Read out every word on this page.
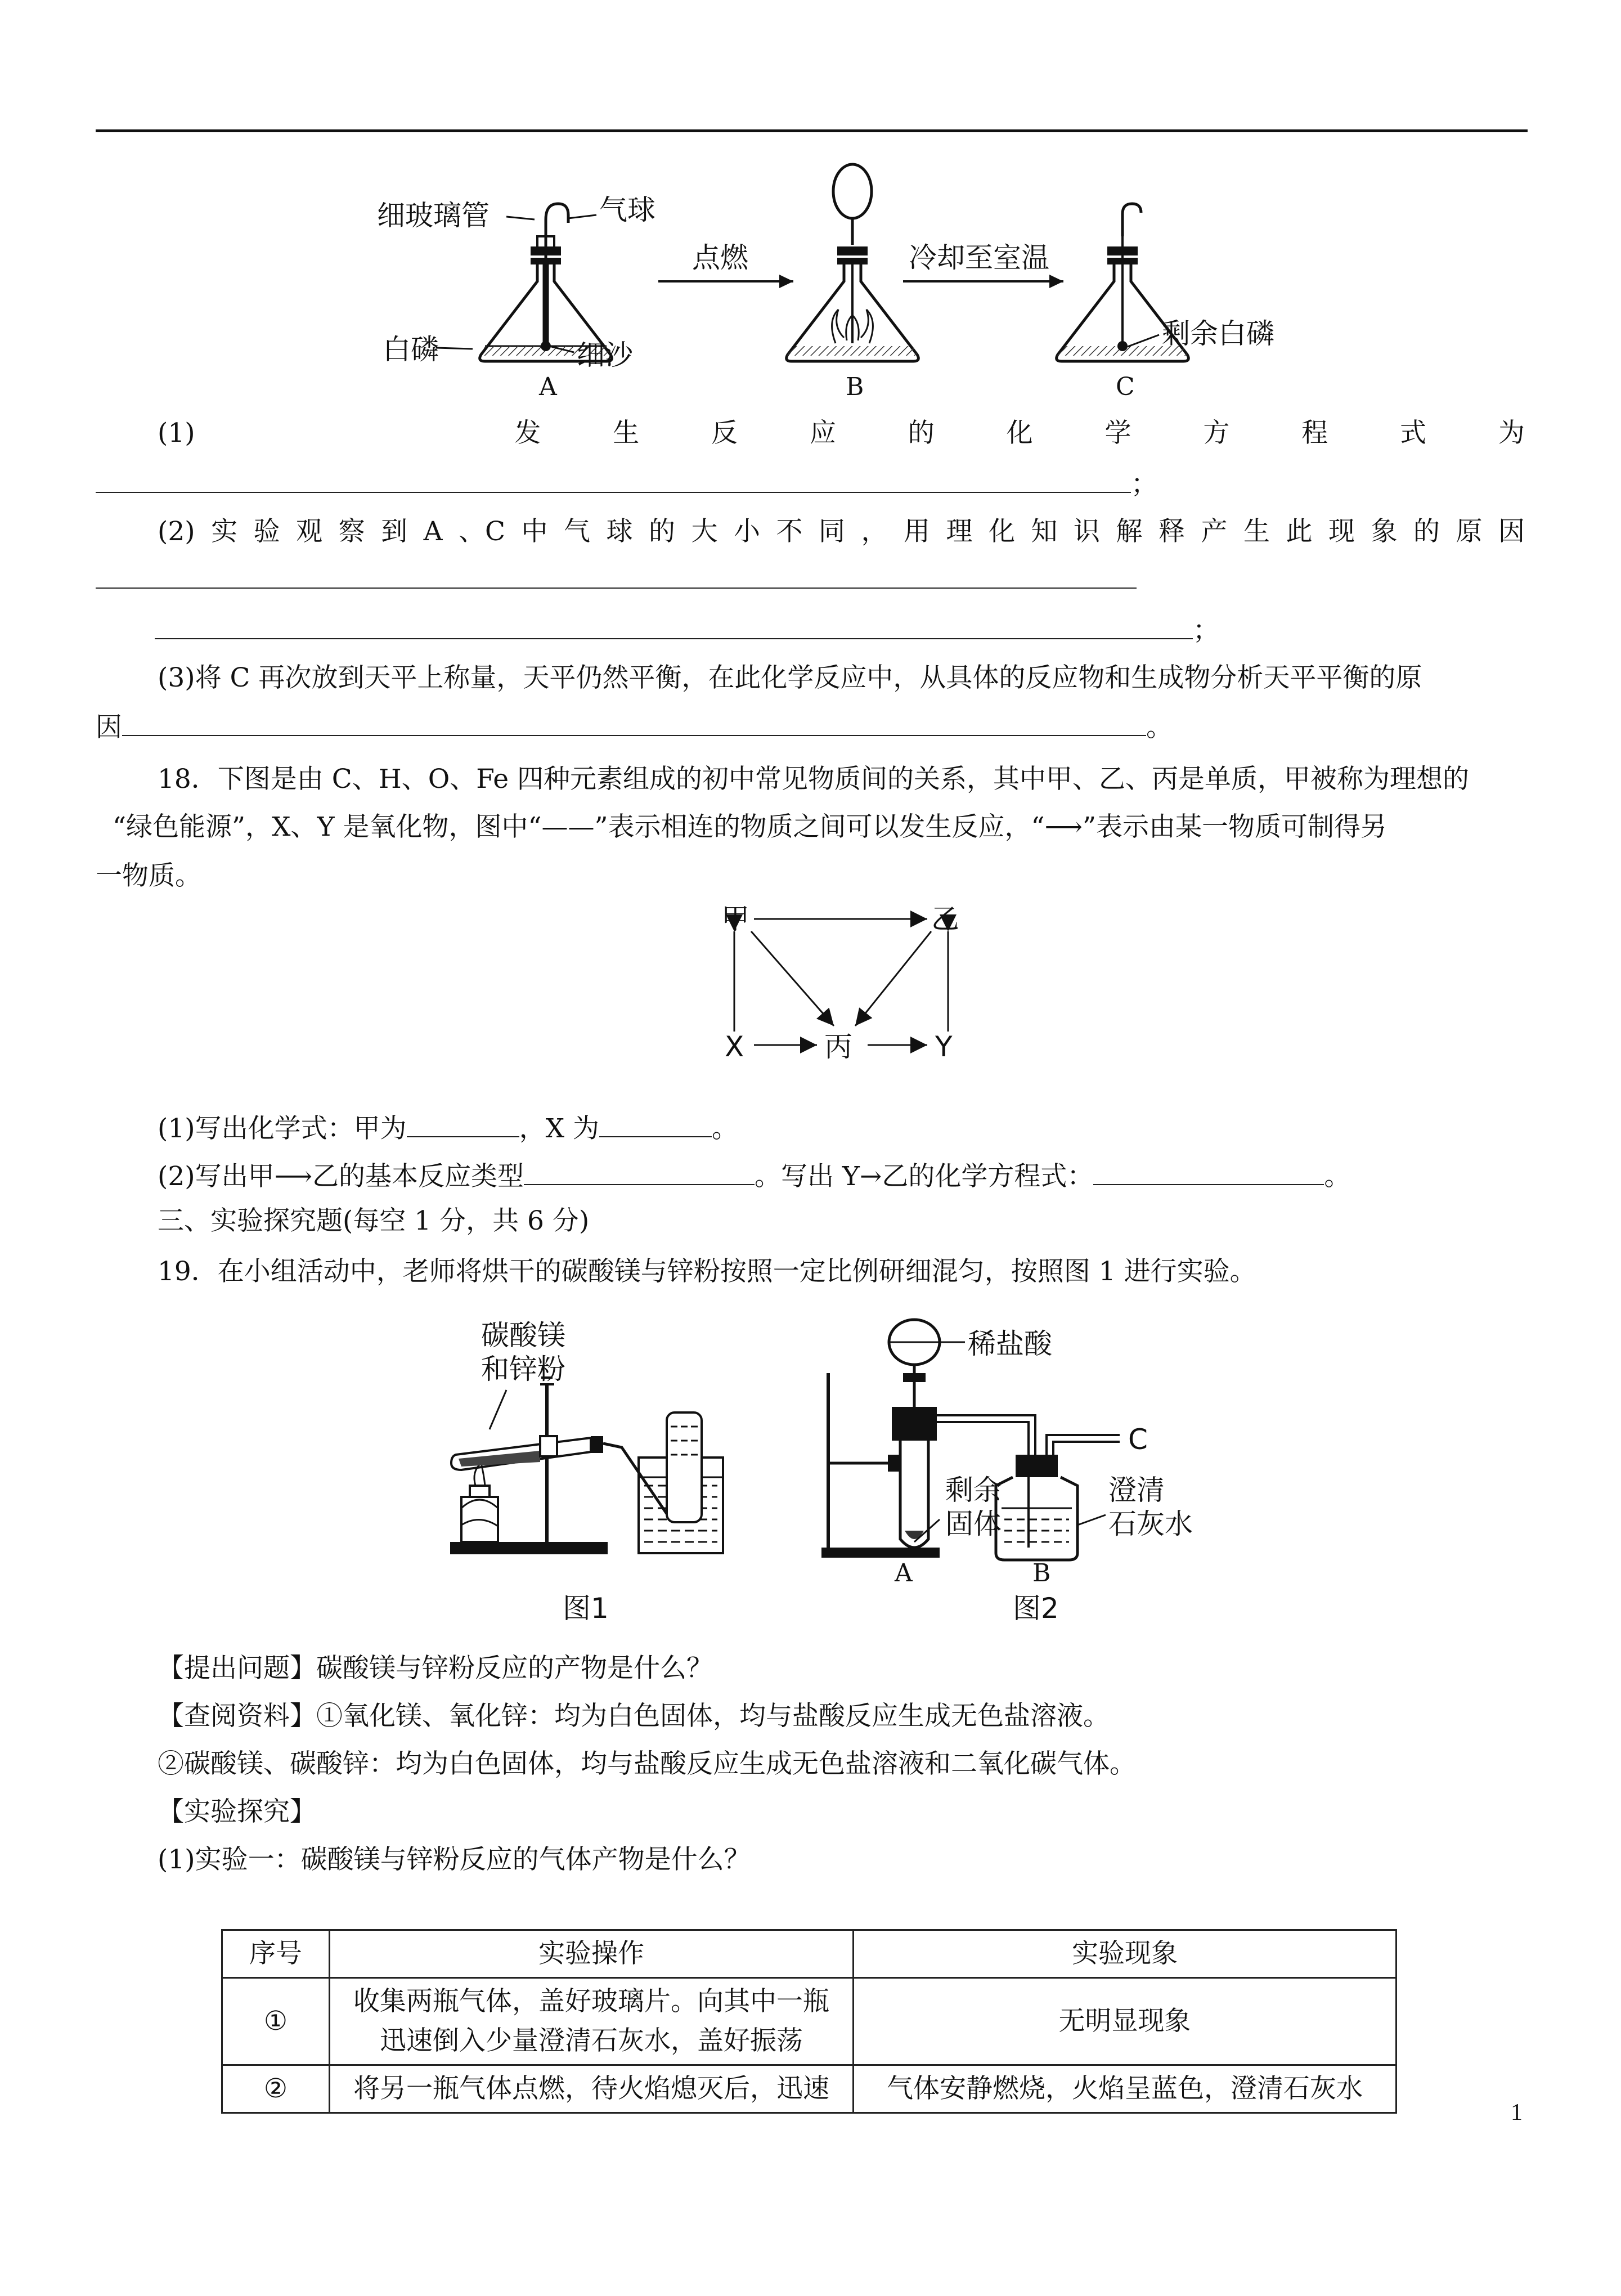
细玻璃管	气球
点燃	冷却至室温
白磷	细沙
剩余白磷
A	B	C
(1)	发	生	反	应	的	化	学	方	程	式	为
；
(2) 实 验 观 察 到 A 、C 中 气 球 的 大 小 不 同 ， 用 理 化 知 识 解 释 产 生 此 现 象 的 原 因
；
(3)将 C 再次放到天平上称量，天平仍然平衡，在此化学反应中，从具体的反应物和生成物分析天平平衡的原
因	。
18．下图是由 C、H、O、Fe 四种元素组成的初中常见物质间的关系，其中甲、乙、丙是单质，甲被称为理想的
“绿色能源”，X、Y 是氧化物，图中“——”表示相连的物质之间可以发生反应，“⟶”表示由某一物质可制得另
一物质。
甲	乙
丙
X	Y
(1)写出化学式：甲为	，X 为	。
(2)写出甲⟶乙的基本反应类型	。写出 Y→乙的化学方程式：	。
三、实验探究题(每空 1 分，共 6 分)
19．在小组活动中，老师将烘干的碳酸镁与锌粉按照一定比例研细混匀，按照图 1 进行实验。
碳酸镁
和锌粉
稀盐酸
C
剩余
固体
澄清
石灰水
A	B
图1	图2
【提出问题】碳酸镁与锌粉反应的产物是什么？
【查阅资料】①氧化镁、氧化锌：均为白色固体，均与盐酸反应生成无色盐溶液。
②碳酸镁、碳酸锌：均为白色固体，均与盐酸反应生成无色盐溶液和二氧化碳气体。
【实验探究】
(1)实验一：碳酸镁与锌粉反应的气体产物是什么？
序号	实验操作	实验现象
①	收集两瓶气体，盖好玻璃片。向其中一瓶
迅速倒入少量澄清石灰水，盖好振荡	无明显现象
②	将另一瓶气体点燃，待火焰熄灭后，迅速	气体安静燃烧，火焰呈蓝色，澄清石灰水
1
